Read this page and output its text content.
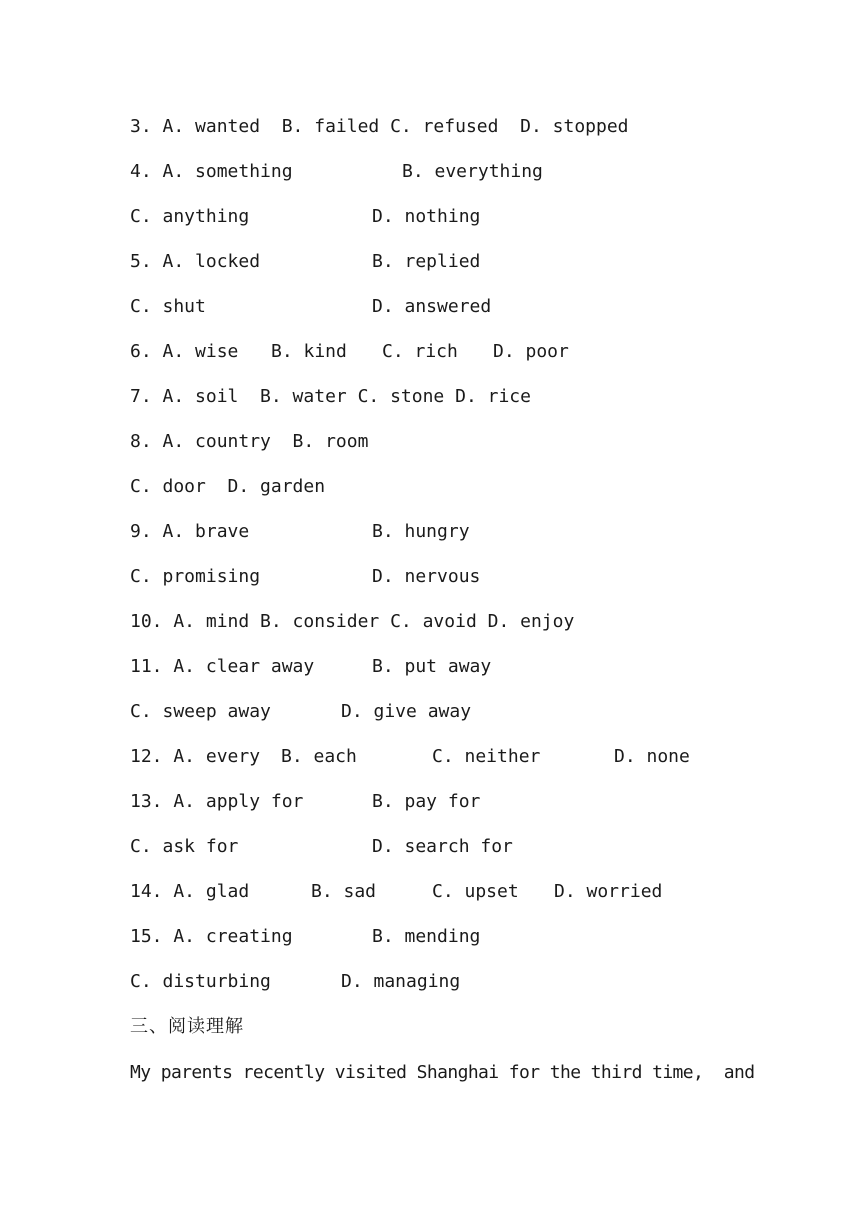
3. A. wanted  B. failed C. refused  D. stopped

4. A. something

	B. everything

C. anything

	D. nothing

5. A. locked

	B. replied

C. shut

	D. answered

6. A. wise

B. kind

C. rich

D. poor

7. A. soil  B. water C. stone D. rice

8. A. country  B. room

C. door  D. garden

9. A. brave

	B. hungry

C. promising

	D. nervous

10. A. mind B. consider C. avoid D. enjoy

11. A. clear away

	B. put away

C. sweep away

	D. give away

12. A. every

B. each

	C. neither

	D. none

13. A. apply for

	B. pay for

C. ask for

	D. search for

14. A. glad

	B. sad

	C. upset

D. worried

15. A. creating

	B. mending

C. disturbing

	D. managing

三、阅读理解
My parents recently visited Shanghai for the third time,  and
